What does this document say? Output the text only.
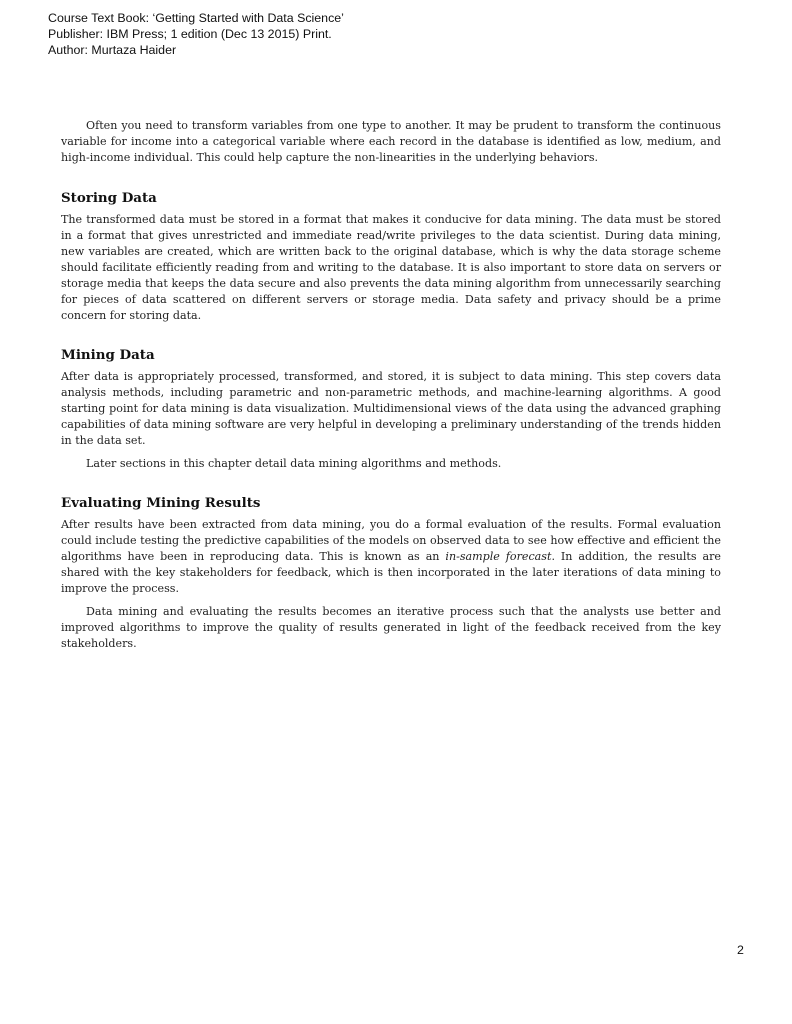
Course Text Book: ‘Getting Started with Data Science’
Publisher: IBM Press; 1 edition (Dec 13 2015) Print.
Author: Murtaza Haider

Often you need to transform variables from one type to another. It may be prudent to transform the continuous variable for income into a categorical variable where each record in the database is identified as low, medium, and high-income individual. This could help capture the non-linearities in the underlying behaviors.

Storing Data

The transformed data must be stored in a format that makes it conducive for data mining. The data must be stored in a format that gives unrestricted and immediate read/write privileges to the data scientist. During data mining, new variables are created, which are written back to the original database, which is why the data storage scheme should facilitate efficiently reading from and writing to the database. It is also important to store data on servers or storage media that keeps the data secure and also prevents the data mining algorithm from unnecessarily searching for pieces of data scattered on different servers or storage media. Data safety and privacy should be a prime concern for storing data.

Mining Data

After data is appropriately processed, transformed, and stored, it is subject to data mining. This step covers data analysis methods, including parametric and non-parametric methods, and machine-learning algorithms. A good starting point for data mining is data visualization. Multidimensional views of the data using the advanced graphing capabilities of data mining software are very helpful in developing a preliminary understanding of the trends hidden in the data set.

Later sections in this chapter detail data mining algorithms and methods.

Evaluating Mining Results

After results have been extracted from data mining, you do a formal evaluation of the results. Formal evaluation could include testing the predictive capabilities of the models on observed data to see how effective and efficient the algorithms have been in reproducing data. This is known as an in-sample forecast. In addition, the results are shared with the key stakeholders for feedback, which is then incorporated in the later iterations of data mining to improve the process.

Data mining and evaluating the results becomes an iterative process such that the analysts use better and improved algorithms to improve the quality of results generated in light of the feedback received from the key stakeholders.

2
